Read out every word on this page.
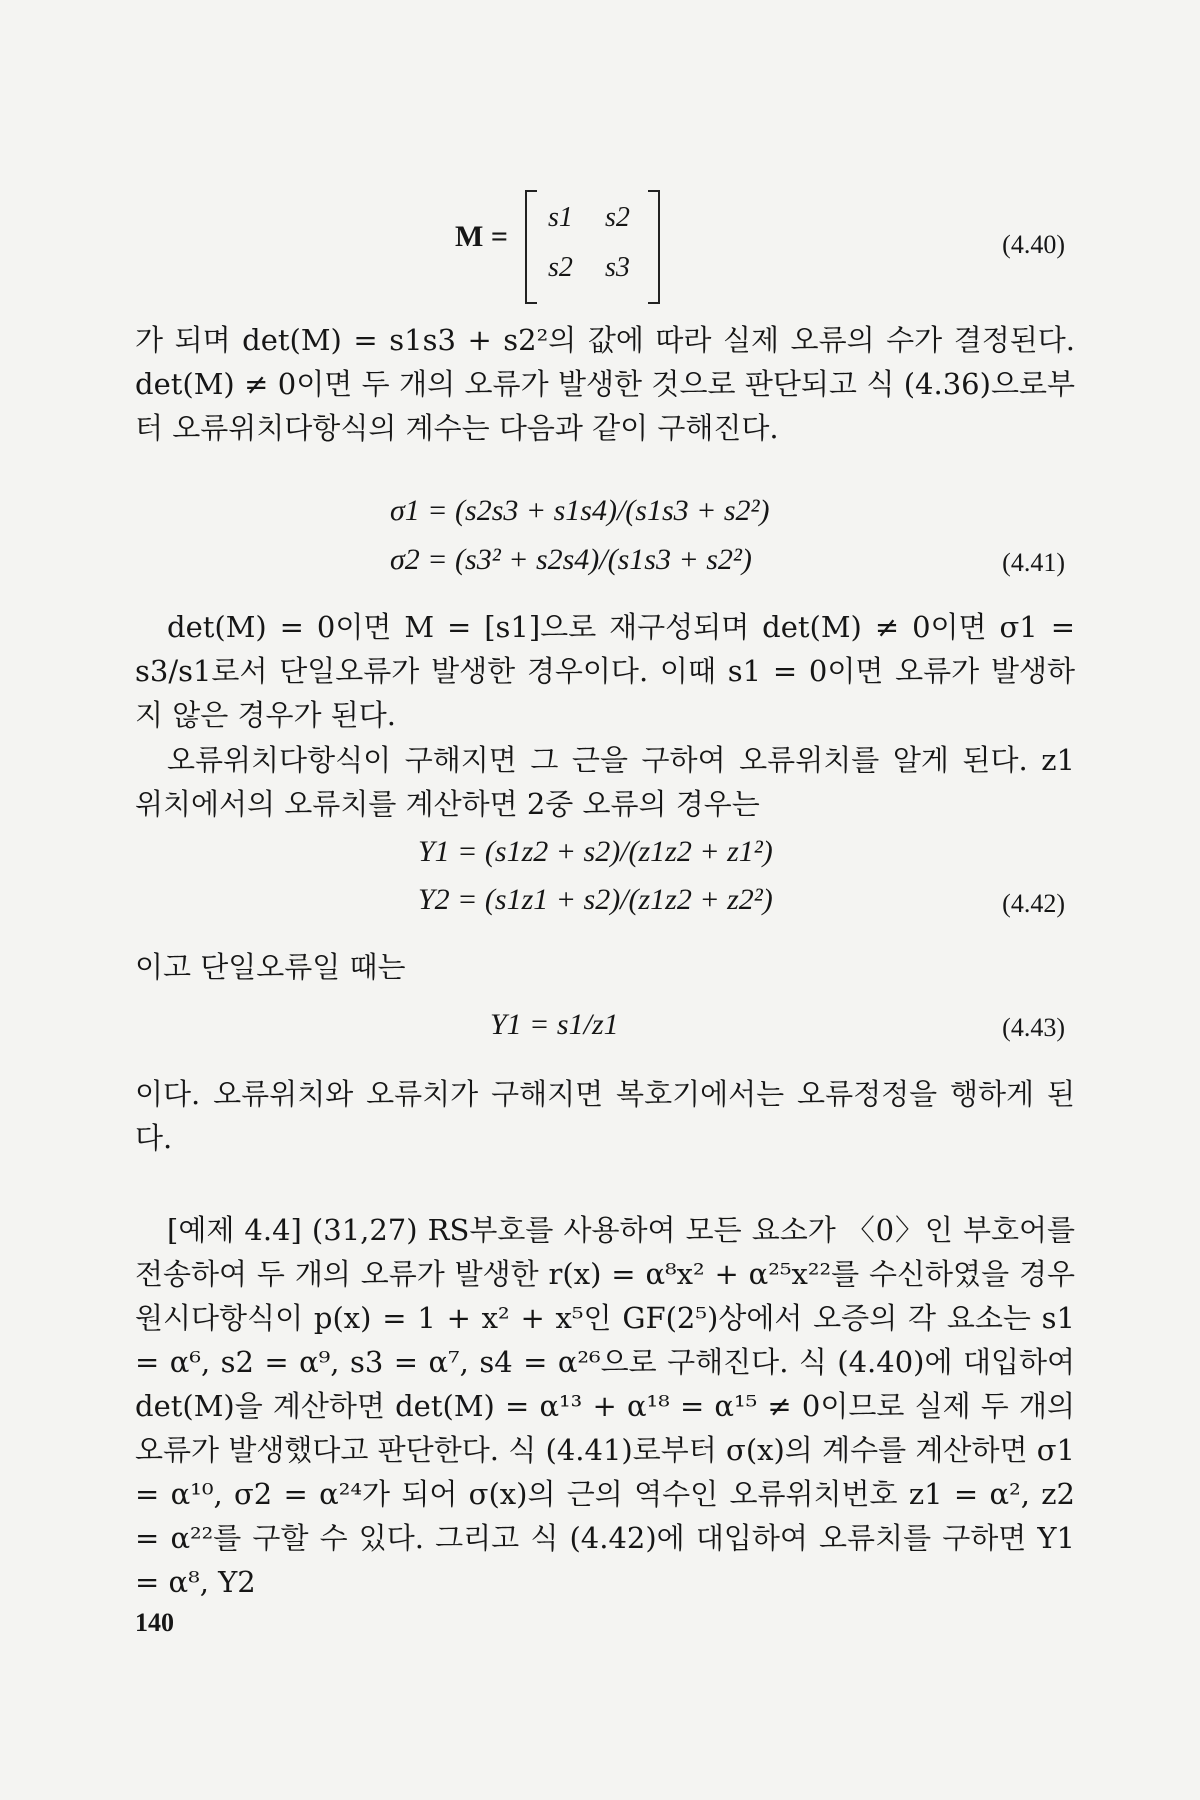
M =
s1 s2
s2 s3
(4.40)

가 되며 det(M) = s1s3 + s2²의 값에 따라 실제 오류의 수가 결정된다. det(M) ≠ 0이면 두 개의 오류가 발생한 것으로 판단되고 식 (4.36)으로부터 오류위치다항식의 계수는 다음과 같이 구해진다.

σ1 = (s2s3 + s1s4)/(s1s3 + s2²)
σ2 = (s3² + s2s4)/(s1s3 + s2²)	(4.41)

det(M) = 0이면 M = [s1]으로 재구성되며 det(M) ≠ 0이면 σ1 = s3/s1로서 단일오류가 발생한 경우이다. 이때 s1 = 0이면 오류가 발생하지 않은 경우가 된다.

오류위치다항식이 구해지면 그 근을 구하여 오류위치를 알게 된다. z1 위치에서의 오류치를 계산하면 2중 오류의 경우는

Y1 = (s1z2 + s2)/(z1z2 + z1²)
Y2 = (s1z1 + s2)/(z1z2 + z2²)	(4.42)

이고 단일오류일 때는

Y1 = s1/z1	(4.43)

이다. 오류위치와 오류치가 구해지면 복호기에서는 오류정정을 행하게 된다.

[예제 4.4] (31,27) RS부호를 사용하여 모든 요소가 〈0〉인 부호어를 전송하여 두 개의 오류가 발생한 r(x) = α⁸x² + α²⁵x²²를 수신하였을 경우 원시다항식이 p(x) = 1 + x² + x⁵인 GF(2⁵)상에서 오증의 각 요소는 s1 = α⁶, s2 = α⁹, s3 = α⁷, s4 = α²⁶으로 구해진다. 식 (4.40)에 대입하여 det(M)을 계산하면 det(M) = α¹³ + α¹⁸ = α¹⁵ ≠ 0이므로 실제 두 개의 오류가 발생했다고 판단한다. 식 (4.41)로부터 σ(x)의 계수를 계산하면 σ1 = α¹⁰, σ2 = α²⁴가 되어 σ(x)의 근의 역수인 오류위치번호 z1 = α², z2 = α²²를 구할 수 있다. 그리고 식 (4.42)에 대입하여 오류치를 구하면 Y1 = α⁸, Y2

140
